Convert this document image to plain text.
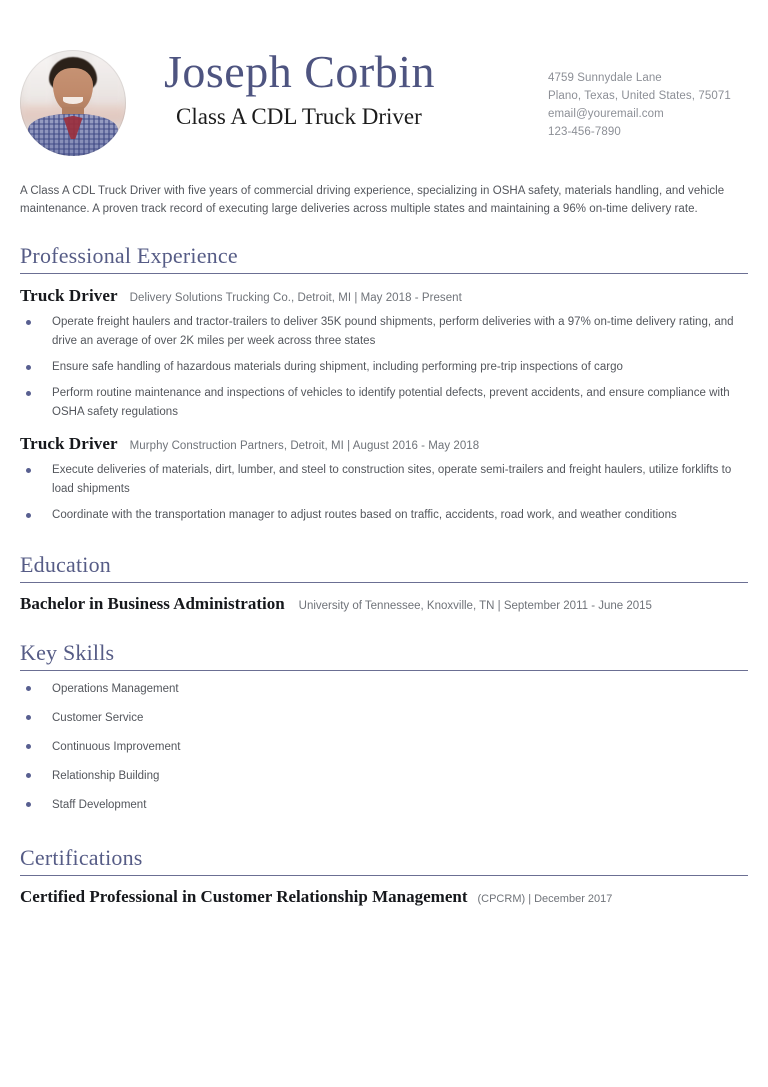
Joseph Corbin
Class A CDL Truck Driver
4759 Sunnydale Lane
Plano, Texas, United States, 75071
email@youremail.com
123-456-7890
A Class A CDL Truck Driver with five years of commercial driving experience, specializing in OSHA safety, materials handling, and vehicle maintenance. A proven track record of executing large deliveries across multiple states and maintaining a 96% on-time delivery rate.
Professional Experience
Truck Driver Delivery Solutions Trucking Co., Detroit, MI | May 2018 - Present
Operate freight haulers and tractor-trailers to deliver 35K pound shipments, perform deliveries with a 97% on-time delivery rating, and drive an average of over 2K miles per week across three states
Ensure safe handling of hazardous materials during shipment, including performing pre-trip inspections of cargo
Perform routine maintenance and inspections of vehicles to identify potential defects, prevent accidents, and ensure compliance with OSHA safety regulations
Truck Driver Murphy Construction Partners, Detroit, MI | August 2016 - May 2018
Execute deliveries of materials, dirt, lumber, and steel to construction sites, operate semi-trailers and freight haulers, utilize forklifts to load shipments
Coordinate with the transportation manager to adjust routes based on traffic, accidents, road work, and weather conditions
Education
Bachelor in Business Administration University of Tennessee, Knoxville, TN | September 2011 - June 2015
Key Skills
Operations Management
Customer Service
Continuous Improvement
Relationship Building
Staff Development
Certifications
Certified Professional in Customer Relationship Management (CPCRM) | December 2017
